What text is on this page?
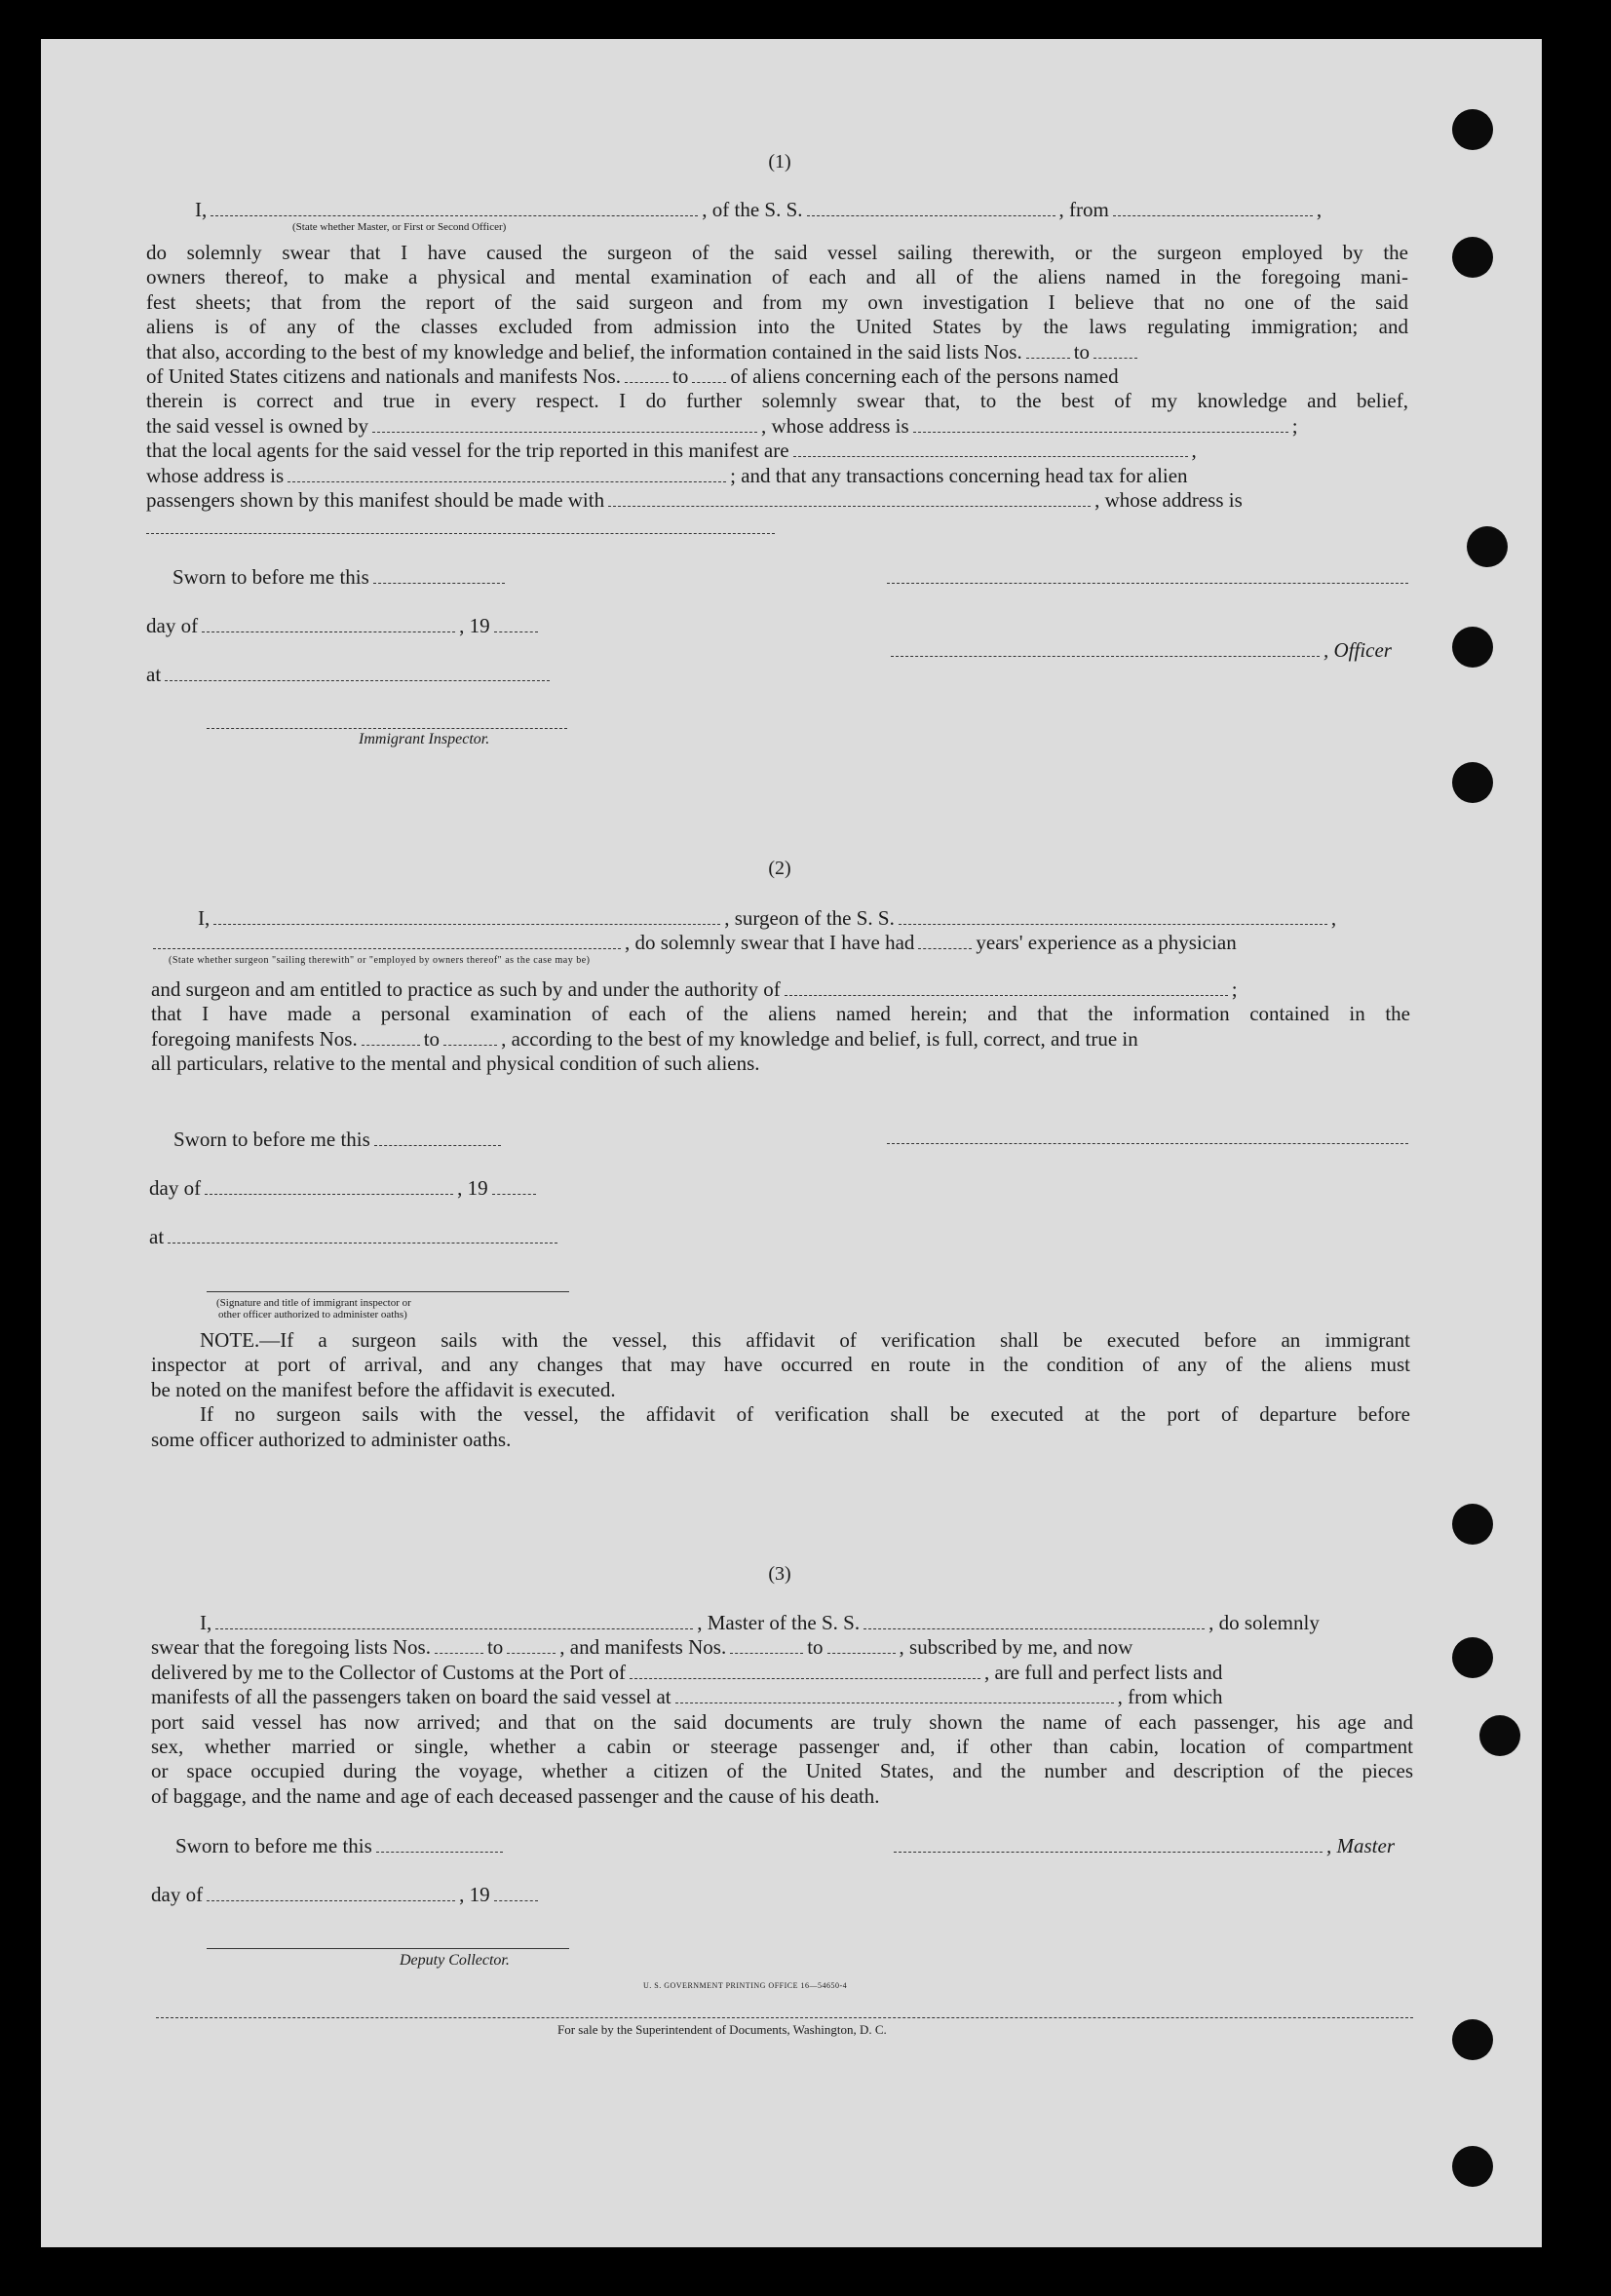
(1)
I,	, of the S. S.	, from	,
(State whether Master, or First or Second Officer)
do solemnly swear that I have caused the surgeon of the said vessel sailing therewith, or the surgeon employed by the
owners thereof, to make a physical and mental examination of each and all of the aliens named in the foregoing mani-
fest sheets; that from the report of the said surgeon and from my own investigation I believe that no one of the said
aliens is of any of the classes excluded from admission into the United States by the laws regulating immigration; and
that also, according to the best of my knowledge and belief, the information contained in the said lists Nos.	to
of United States citizens and nationals and manifests Nos.	to of aliens concerning each of the persons named
therein is correct and true in every respect. I do further solemnly swear that, to the best of my knowledge and belief,
the said vessel is owned by	, whose address is	;
that the local agents for the said vessel for the trip reported in this manifest are	,
whose address is	; and that any transactions concerning head tax for alien
passengers shown by this manifest should be made with	, whose address is
Sworn to before me this
day of	, 19
, Officer
at
Immigrant Inspector.
(2)
I,	, surgeon of the S. S.	,
, do solemnly swear that I have had	years' experience as a physician
(State whether surgeon "sailing therewith" or "employed by owners thereof" as the case may be)
and surgeon and am entitled to practice as such by and under the authority of	;
that I have made a personal examination of each of the aliens named herein; and that the information contained in the
foregoing manifests Nos.	to	, according to the best of my knowledge and belief, is full, correct, and true in
all particulars, relative to the mental and physical condition of such aliens.
Sworn to before me this
day of	, 19
at
(Signature and title of immigrant inspector or
other officer authorized to administer oaths)
NOTE.—If a surgeon sails with the vessel, this affidavit of verification shall be executed before an immigrant
inspector at port of arrival, and any changes that may have occurred en route in the condition of any of the aliens must
be noted on the manifest before the affidavit is executed.
If no surgeon sails with the vessel, the affidavit of verification shall be executed at the port of departure before
some officer authorized to administer oaths.
(3)
I,	, Master of the S. S.	, do solemnly
swear that the foregoing lists Nos.	to	, and manifests Nos.	to	, subscribed by me, and now
delivered by me to the Collector of Customs at the Port of	, are full and perfect lists and
manifests of all the passengers taken on board the said vessel at	, from which
port said vessel has now arrived; and that on the said documents are truly shown the name of each passenger, his age and
sex, whether married or single, whether a cabin or steerage passenger and, if other than cabin, location of compartment
or space occupied during the voyage, whether a citizen of the United States, and the number and description of the pieces
of baggage, and the name and age of each deceased passenger and the cause of his death.
Sworn to before me this	, Master
day of	, 19
Deputy Collector.
U. S. GOVERNMENT PRINTING OFFICE 16—54650-4
For sale by the Superintendent of Documents, Washington, D. C.
